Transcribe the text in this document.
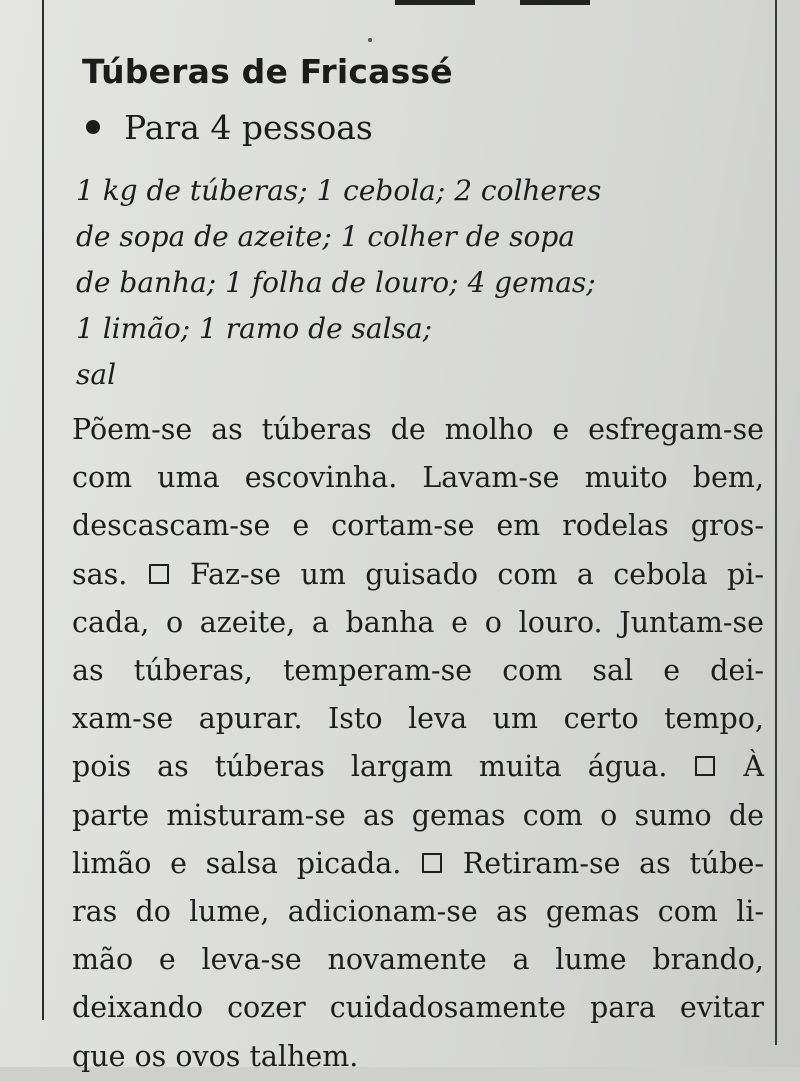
Túberas de Fricassé
Para 4 pessoas
1 kg de túberas; 1 cebola; 2 colheres
de sopa de azeite; 1 colher de sopa
de banha; 1 folha de louro; 4 gemas;
1 limão; 1 ramo de salsa;
sal
Põem-se as túberas de molho e esfregam-se
com uma escovinha. Lavam-se muito bem,
descascam-se e cortam-se em rodelas gros-
sas. Faz-se um guisado com a cebola pi-
cada, o azeite, a banha e o louro. Juntam-se
as túberas, temperam-se com sal e dei-
xam-se apurar. Isto leva um certo tempo,
pois as túberas largam muita água.	À
parte misturam-se as gemas com o sumo de
limão e salsa picada. Retiram-se as túbe-
ras do lume, adicionam-se as gemas com li-
mão e leva-se novamente a lume brando,
deixando cozer cuidadosamente para evitar
que os ovos talhem.
